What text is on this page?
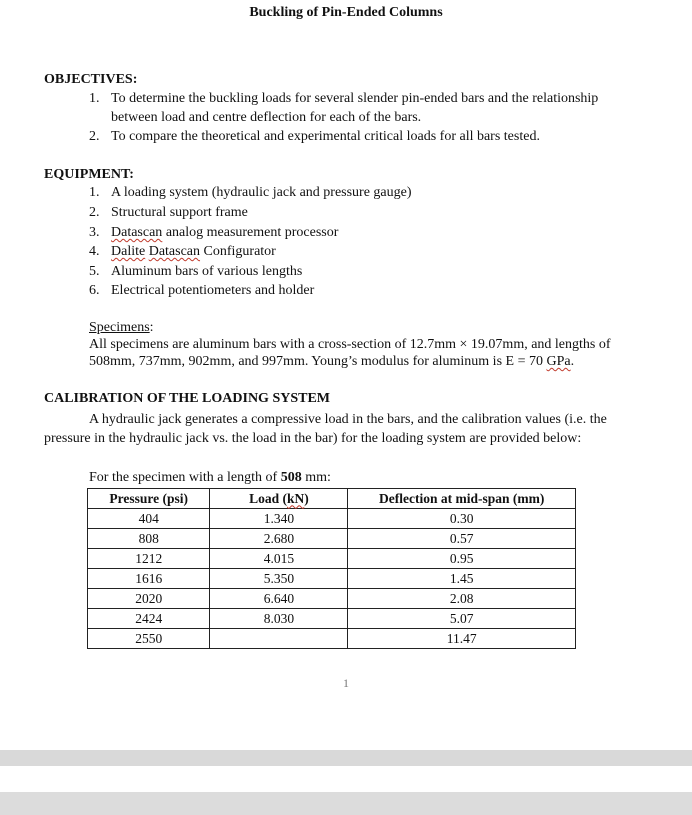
Buckling of Pin-Ended Columns
OBJECTIVES:
1. To determine the buckling loads for several slender pin-ended bars and the relationship
between load and centre deflection for each of the bars.
2. To compare the theoretical and experimental critical loads for all bars tested.
EQUIPMENT:
1. A loading system (hydraulic jack and pressure gauge)
2. Structural support frame
3. Datascan analog measurement processor
4. Dalite Datascan Configurator
5. Aluminum bars of various lengths
6. Electrical potentiometers and holder
Specimens:
All specimens are aluminum bars with a cross-section of 12.7mm × 19.07mm, and lengths of
508mm, 737mm, 902mm, and 997mm. Young’s modulus for aluminum is E = 70 GPa.
CALIBRATION OF THE LOADING SYSTEM
A hydraulic jack generates a compressive load in the bars, and the calibration values (i.e. the
pressure in the hydraulic jack vs. the load in the bar) for the loading system are provided below:
For the specimen with a length of 508 mm:
Pressure (psi)	Load (kN)	Deflection at mid-span (mm)
404	1.340	0.30
808	2.680	0.57
1212	4.015	0.95
1616	5.350	1.45
2020	6.640	2.08
2424	8.030	5.07
2550		11.47
1
